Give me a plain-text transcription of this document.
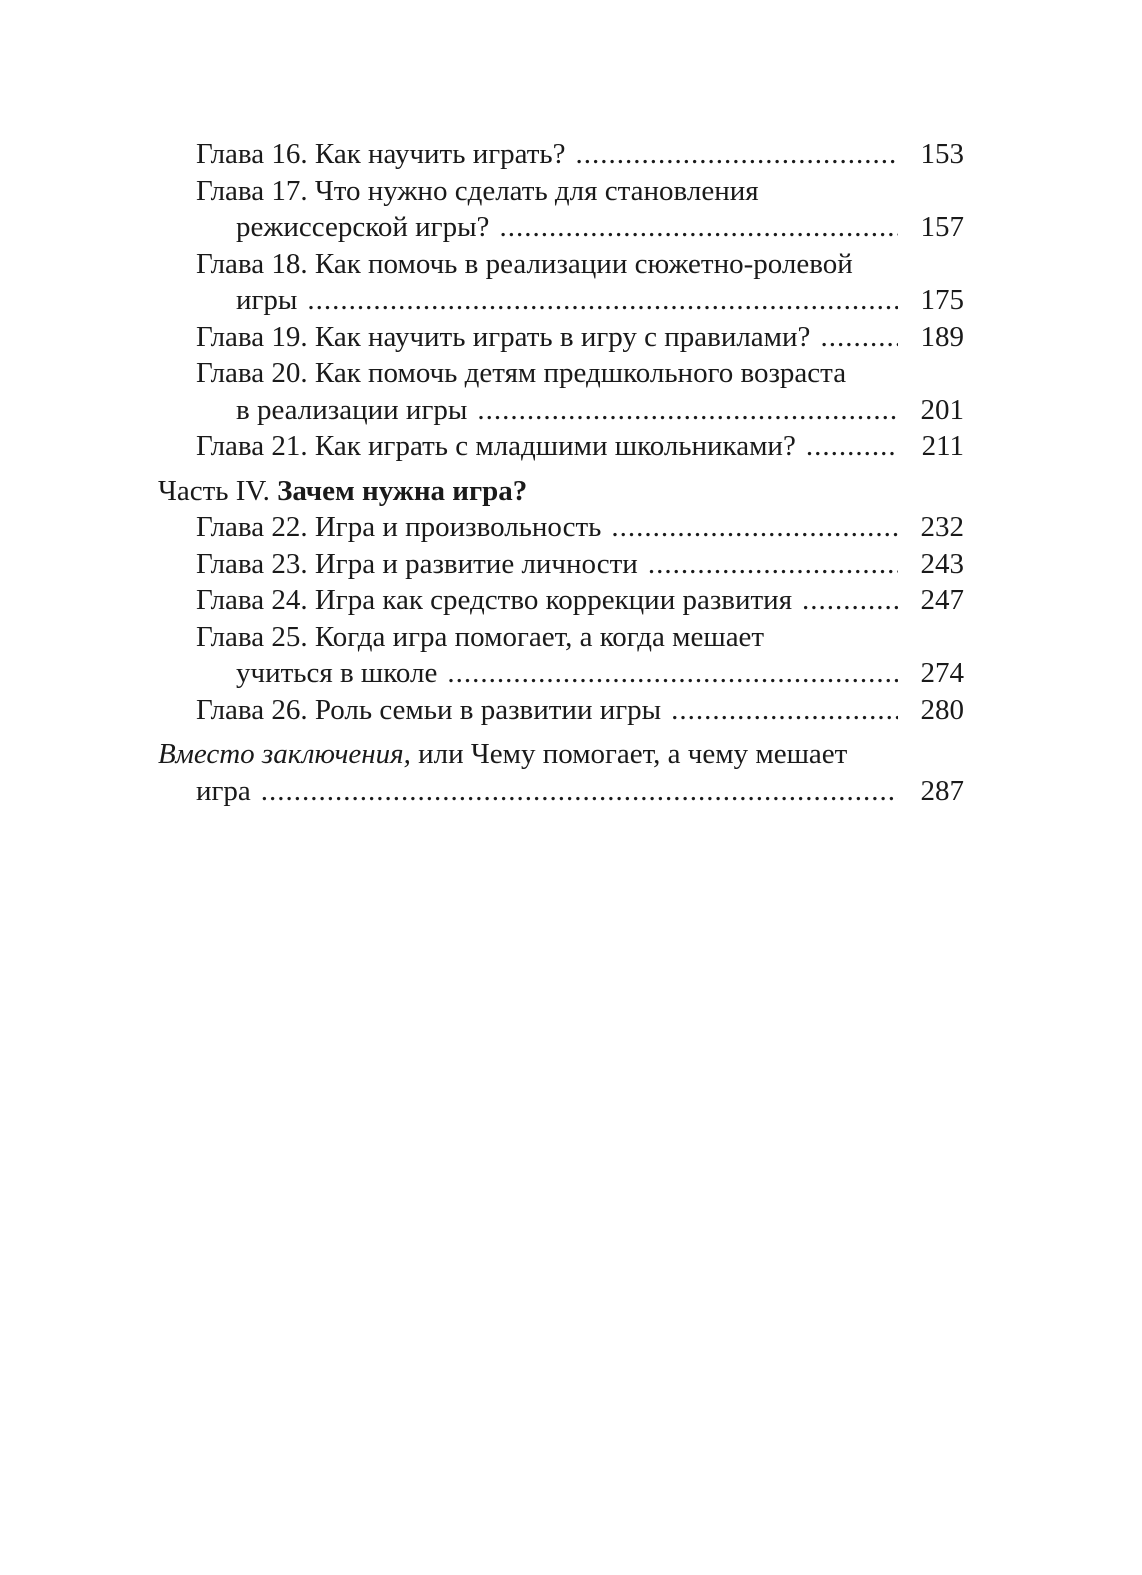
Глава 16. Как научить играть? .....	153
Глава 17. Что нужно сделать для становления
режиссерской игры? .....	157
Глава 18. Как помочь в реализации сюжетно-ролевой
игры .....	175
Глава 19. Как научить играть в игру с правилами? .....	189
Глава 20. Как помочь детям предшкольного возраста
в реализации игры .....	201
Глава 21. Как играть с младшими школьниками? .....	211
Часть IV. Зачем нужна игра?
Глава 22. Игра и произвольность .....	232
Глава 23. Игра и развитие личности .....	243
Глава 24. Игра как средство коррекции развития .....	247
Глава 25. Когда игра помогает, а когда мешает
учиться в школе .....	274
Глава 26. Роль семьи в развитии игры .....	280
Вместо заключения, или Чему помогает, а чему мешает
игра .....	287
